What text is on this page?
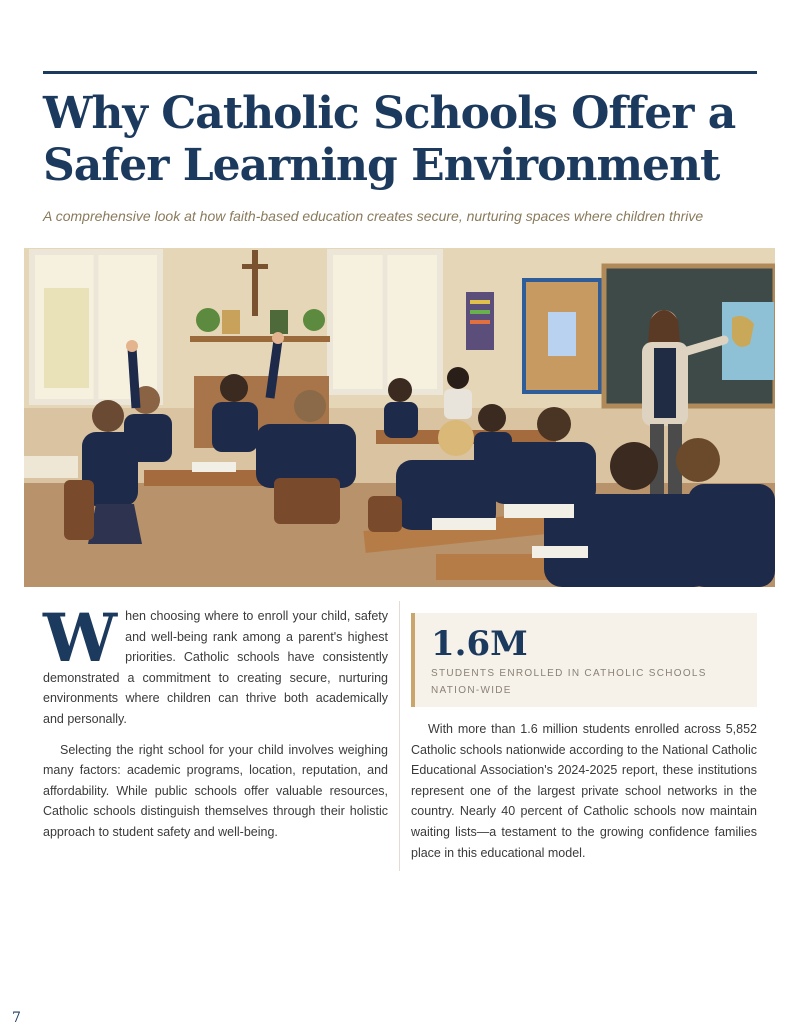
Why Catholic Schools Offer a
Safer Learning Environment
A comprehensive look at how faith-based education creates secure, nurturing spaces where children thrive

When choosing where to enroll your child, safety and well-being rank among a parent's highest priorities. Catholic schools have consistently demonstrated a commitment to creating secure, nurturing environments where children can thrive both academically and personally.

Selecting the right school for your child involves weighing many factors: academic programs, location, reputation, and affordability. While public schools offer valuable resources, Catholic schools distinguish themselves through their holistic approach to student safety and well-being.

1.6M
STUDENTS ENROLLED IN CATHOLIC SCHOOLS NATION-WIDE

With more than 1.6 million students enrolled across 5,852 Catholic schools nationwide according to the National Catholic Educational Association's 2024-2025 report, these institutions represent one of the largest private school networks in the country. Nearly 40 percent of Catholic schools now maintain waiting lists—a testament to the growing confidence families place in this educational model.

7
